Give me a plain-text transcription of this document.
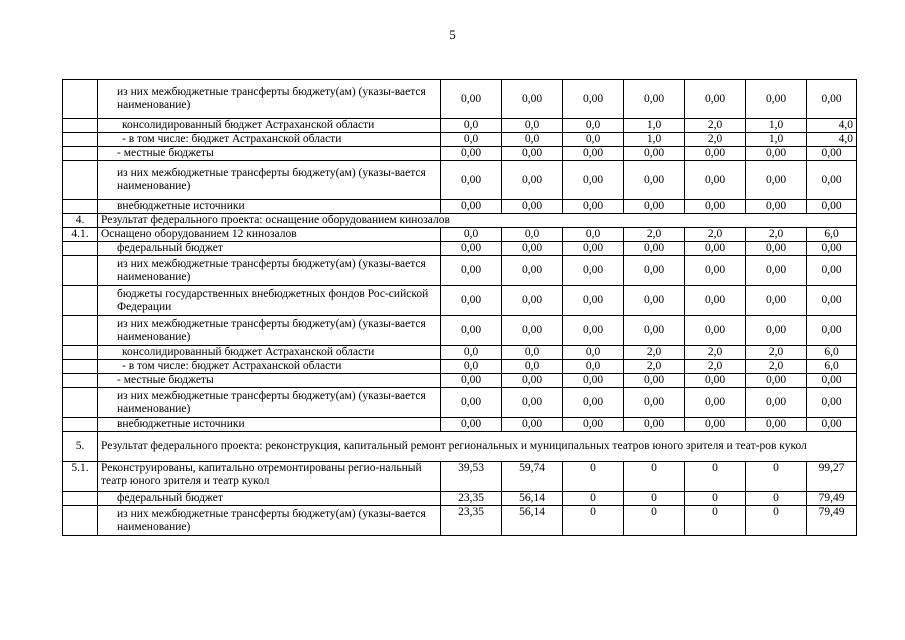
5
	из них межбюджетные трансферты бюджету(ам) (указы-вается наименование)	0,00	0,00	0,00	0,00	0,00	0,00	0,00
	консолидированный бюджет Астраханской области	0,0	0,0	0,0	1,0	2,0	1,0	4,0
	- в том числе: бюджет Астраханской области	0,0	0,0	0,0	1,0	2,0	1,0	4,0
	- местные бюджеты	0,00	0,00	0,00	0,00	0,00	0,00	0,00
	из них межбюджетные трансферты бюджету(ам) (указы-вается наименование)	0,00	0,00	0,00	0,00	0,00	0,00	0,00
	внебюджетные источники	0,00	0,00	0,00	0,00	0,00	0,00	0,00
4.	Результат федерального проекта: оснащение оборудованием кинозалов							
4.1.	Оснащено оборудованием 12 кинозалов	0,0	0,0	0,0	2,0	2,0	2,0	6,0
	федеральный бюджет	0,00	0,00	0,00	0,00	0,00	0,00	0,00
	из них межбюджетные трансферты бюджету(ам) (указы-вается наименование)	0,00	0,00	0,00	0,00	0,00	0,00	0,00
	бюджеты государственных внебюджетных фондов Рос-сийской Федерации	0,00	0,00	0,00	0,00	0,00	0,00	0,00
	из них межбюджетные трансферты бюджету(ам) (указы-вается наименование)	0,00	0,00	0,00	0,00	0,00	0,00	0,00
	консолидированный бюджет Астраханской области	0,0	0,0	0,0	2,0	2,0	2,0	6,0
	- в том числе: бюджет Астраханской области	0,0	0,0	0,0	2,0	2,0	2,0	6,0
	- местные бюджеты	0,00	0,00	0,00	0,00	0,00	0,00	0,00
	из них межбюджетные трансферты бюджету(ам) (указы-вается наименование)	0,00	0,00	0,00	0,00	0,00	0,00	0,00
	внебюджетные источники	0,00	0,00	0,00	0,00	0,00	0,00	0,00
5.	Результат федерального проекта: реконструкция, капитальный ремонт региональных и муниципальных театров юного зрителя и теат-ров кукол							
5.1.	Реконструированы, капитально отремонтированы регио-нальный театр юного зрителя и театр кукол	39,53	59,74	0	0	0	0	99,27
	федеральный бюджет	23,35	56,14	0	0	0	0	79,49
	из них межбюджетные трансферты бюджету(ам) (указы-вается наименование)	23,35	56,14	0	0	0	0	79,49
